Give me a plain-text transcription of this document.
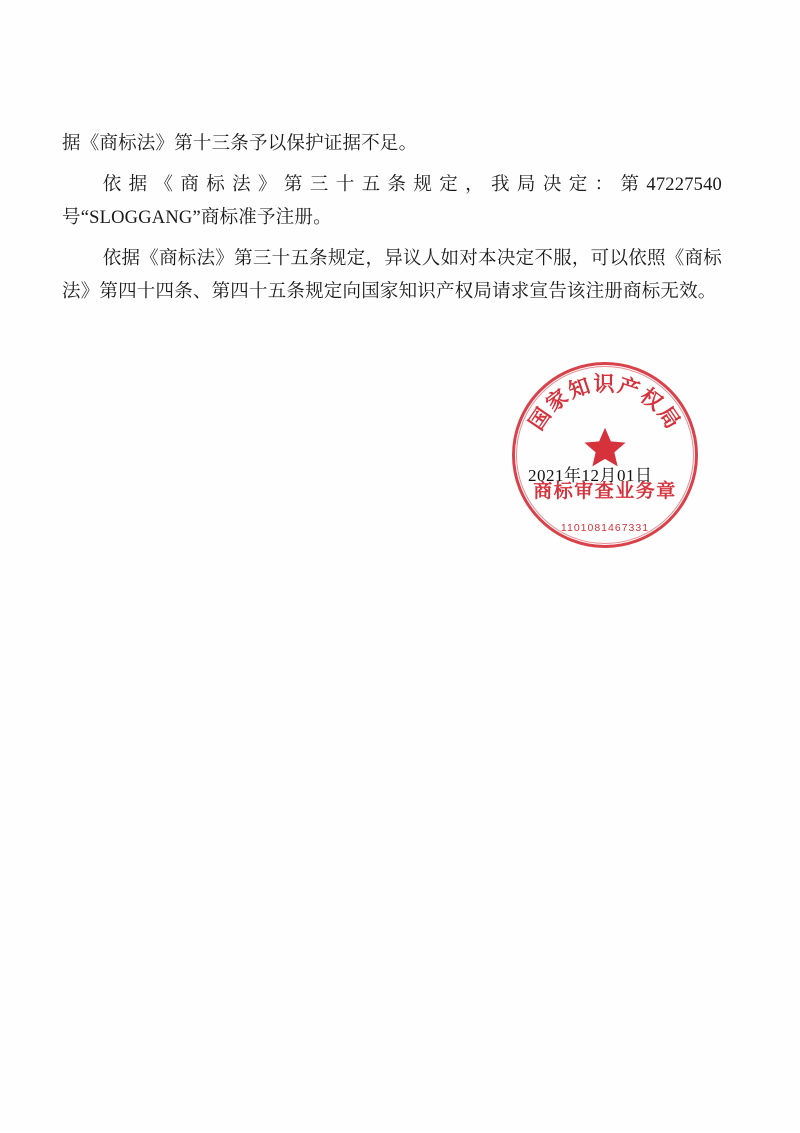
据《商标法》第十三条予以保护证据不足。

依据《商标法》第三十五条规定，我局决定：第47227540号“SLOGGANG”商标准予注册。

依据《商标法》第三十五条规定，异议人如对本决定不服，可以依照《商标法》第四十四条、第四十五条规定向国家知识产权局请求宣告该注册商标无效。

国家知识产权局
商标审查业务章
1101081467331
2021年12月01日
